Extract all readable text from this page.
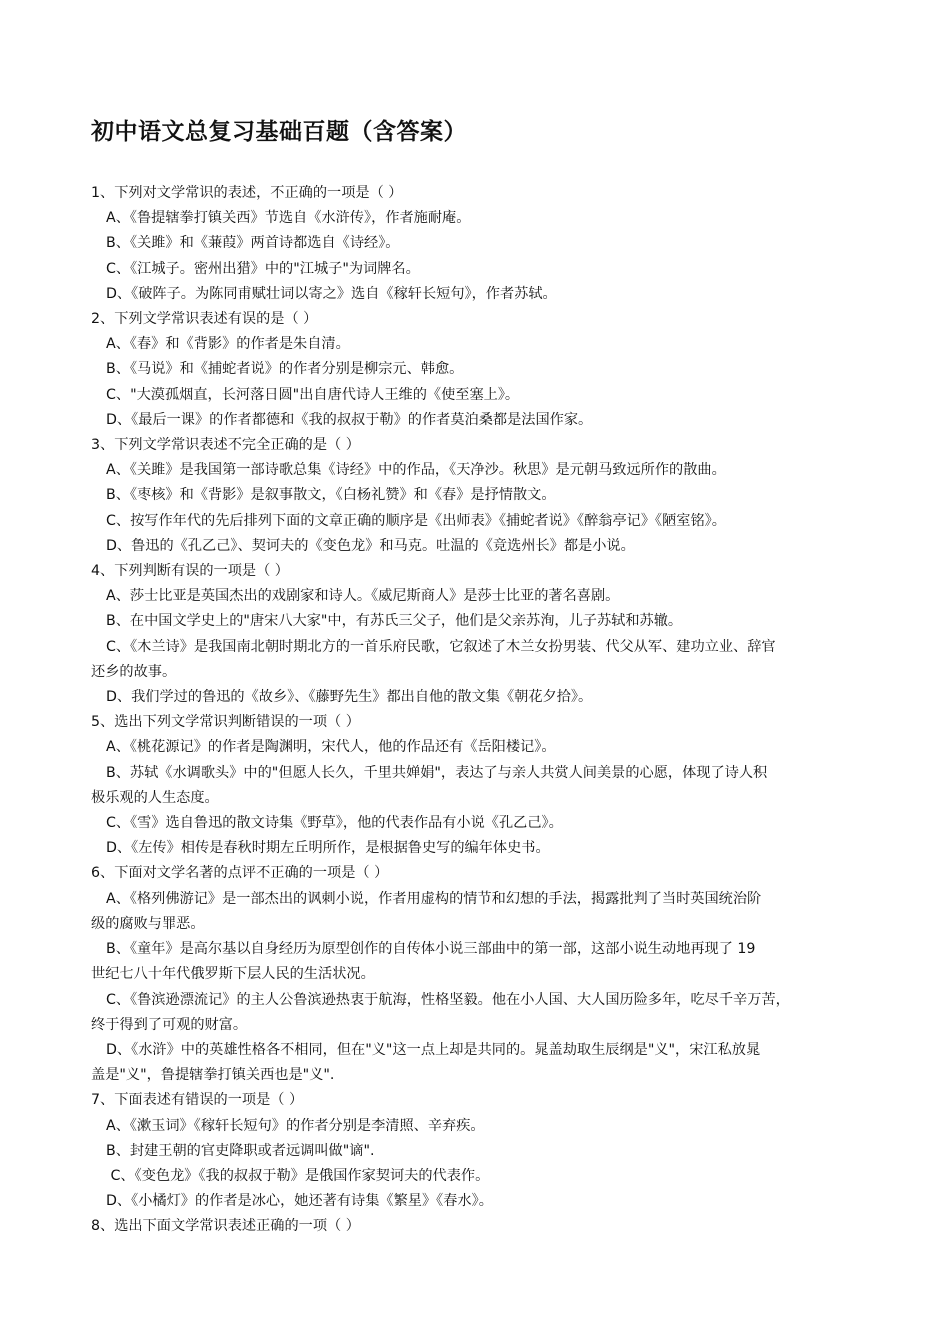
初中语文总复习基础百题（含答案）
1、下列对文学常识的表述，不正确的一项是（ ）
A、《鲁提辖拳打镇关西》节选自《水浒传》，作者施耐庵。
B、《关雎》和《蒹葭》两首诗都选自《诗经》。
C、《江城子。密州出猎》中的"江城子"为词牌名。
D、《破阵子。为陈同甫赋壮词以寄之》选自《稼轩长短句》，作者苏轼。
2、下列文学常识表述有误的是（ ）
A、《春》和《背影》的作者是朱自清。
B、《马说》和《捕蛇者说》的作者分别是柳宗元、韩愈。
C、"大漠孤烟直，长河落日圆"出自唐代诗人王维的《使至塞上》。
D、《最后一课》的作者都德和《我的叔叔于勒》的作者莫泊桑都是法国作家。
3、下列文学常识表述不完全正确的是（ ）
A、《关雎》是我国第一部诗歌总集《诗经》中的作品，《天净沙。秋思》是元朝马致远所作的散曲。
B、《枣核》和《背影》是叙事散文，《白杨礼赞》和《春》是抒情散文。
C、按写作年代的先后排列下面的文章正确的顺序是《出师表》《捕蛇者说》《醉翁亭记》《陋室铭》。
D、鲁迅的《孔乙己》、契诃夫的《变色龙》和马克。吐温的《竞选州长》都是小说。
4、下列判断有误的一项是（ ）
A、莎士比亚是英国杰出的戏剧家和诗人。《威尼斯商人》是莎士比亚的著名喜剧。
B、在中国文学史上的"唐宋八大家"中，有苏氏三父子，他们是父亲苏洵，儿子苏轼和苏辙。
C、《木兰诗》是我国南北朝时期北方的一首乐府民歌，它叙述了木兰女扮男装、代父从军、建功立业、辞官
还乡的故事。
D、我们学过的鲁迅的《故乡》、《藤野先生》都出自他的散文集《朝花夕拾》。
5、选出下列文学常识判断错误的一项（ ）
A、《桃花源记》的作者是陶渊明，宋代人，他的作品还有《岳阳楼记》。
B、苏轼《水调歌头》中的"但愿人长久，千里共婵娟"，表达了与亲人共赏人间美景的心愿，体现了诗人积
极乐观的人生态度。
C、《雪》选自鲁迅的散文诗集《野草》，他的代表作品有小说《孔乙己》。
D、《左传》相传是春秋时期左丘明所作，是根据鲁史写的编年体史书。
6、下面对文学名著的点评不正确的一项是（ ）
A、《格列佛游记》是一部杰出的讽刺小说，作者用虚构的情节和幻想的手法，揭露批判了当时英国统治阶
级的腐败与罪恶。
B、《童年》是高尔基以自身经历为原型创作的自传体小说三部曲中的第一部，这部小说生动地再现了 19
世纪七八十年代俄罗斯下层人民的生活状况。
C、《鲁滨逊漂流记》的主人公鲁滨逊热衷于航海，性格坚毅。他在小人国、大人国历险多年，吃尽千辛万苦，
终于得到了可观的财富。
D、《水浒》中的英雄性格各不相同，但在"义"这一点上却是共同的。晁盖劫取生辰纲是"义"，宋江私放晁
盖是"义"，鲁提辖拳打镇关西也是"义".
7、下面表述有错误的一项是（ ）
A、《漱玉词》《稼轩长短句》的作者分别是李清照、辛弃疾。
B、封建王朝的官吏降职或者远调叫做"谪".
C、《变色龙》《我的叔叔于勒》是俄国作家契诃夫的代表作。
D、《小橘灯》的作者是冰心，她还著有诗集《繁星》《春水》。
8、选出下面文学常识表述正确的一项（ ）
